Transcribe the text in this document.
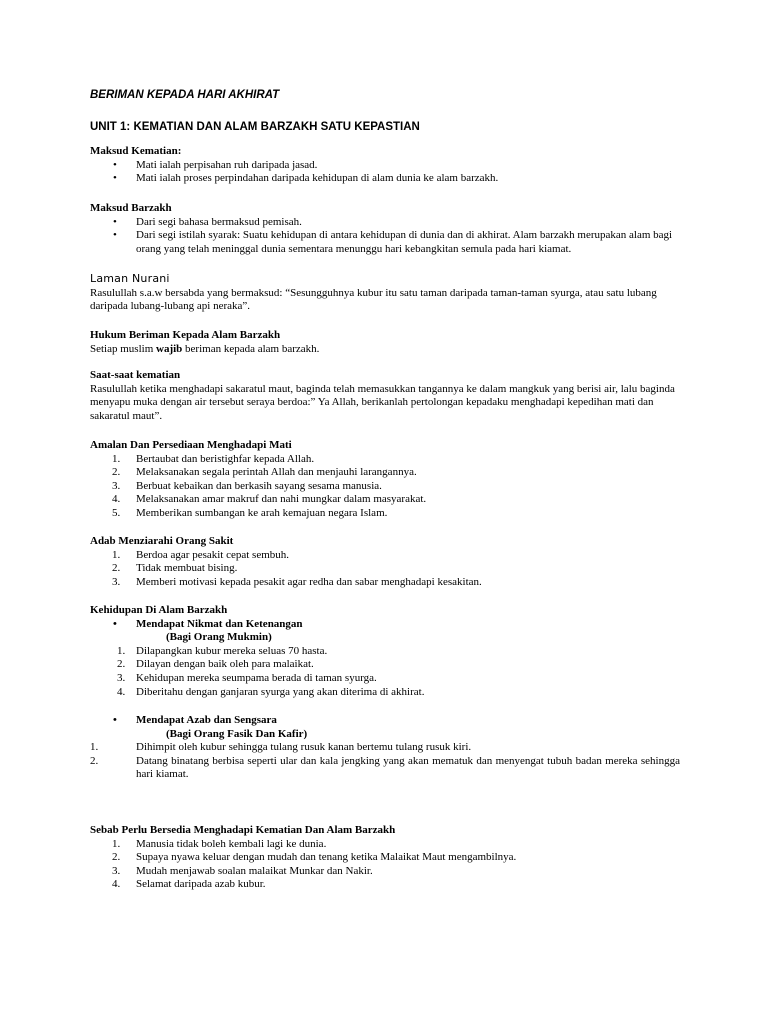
BERIMAN KEPADA HARI AKHIRAT
UNIT 1: KEMATIAN DAN ALAM BARZAKH SATU KEPASTIAN
Maksud Kematian:
• Mati ialah perpisahan ruh daripada jasad.
• Mati ialah proses perpindahan daripada kehidupan di alam dunia ke alam barzakh.
Maksud Barzakh
• Dari segi bahasa bermaksud pemisah.
• Dari segi istilah syarak: Suatu kehidupan di antara kehidupan di dunia dan di akhirat. Alam barzakh merupakan alam bagi orang yang telah meninggal dunia sementara menunggu hari kebangkitan semula pada hari kiamat.
Laman Nurani

Rasulullah s.a.w bersabda yang bermaksud: “Sesungguhnya kubur itu satu taman daripada taman-taman syurga, atau satu lubang daripada lubang-lubang api neraka”.

Hukum Beriman Kepada Alam Barzakh

Setiap muslim wajib beriman kepada alam barzakh.

Saat-saat kematian

Rasulullah ketika menghadapi sakaratul maut, baginda telah memasukkan tangannya ke dalam mangkuk yang berisi air, lalu baginda menyapu muka dengan air tersebut seraya berdoa:” Ya Allah, berikanlah pertolongan kepadaku menghadapi kepedihan mati dan sakaratul maut”.

Amalan Dan Persediaan Menghadapi Mati
1.	Bertaubat dan beristighfar kepada Allah.
2.	Melaksanakan segala perintah Allah dan menjauhi larangannya.
3.	Berbuat kebaikan dan berkasih sayang sesama manusia.
4.	Melaksanakan amar makruf dan nahi mungkar dalam masyarakat.
5.	Memberikan sumbangan ke arah kemajuan negara Islam.
Adab Menziarahi Orang Sakit
1.	Berdoa agar pesakit cepat sembuh.
2.	Tidak membuat bising.
3.	Memberi motivasi kepada pesakit agar redha dan sabar menghadapi kesakitan.
Kehidupan Di Alam Barzakh
• Mendapat Nikmat dan Ketenangan
(Bagi Orang Mukmin)
1. Dilapangkan kubur mereka seluas 70 hasta.
2. Dilayan dengan baik oleh para malaikat.
3. Kehidupan mereka seumpama berada di taman syurga.
4. Diberitahu dengan ganjaran syurga yang akan diterima di akhirat.
• Mendapat Azab dan Sengsara
(Bagi Orang Fasik Dan Kafir)
1.	Dihimpit oleh kubur sehingga tulang rusuk kanan bertemu tulang rusuk kiri.
2.	Datang binatang berbisa seperti ular dan kala jengking yang akan mematuk dan menyengat tubuh badan mereka sehingga hari kiamat.
Sebab Perlu Bersedia Menghadapi Kematian Dan Alam Barzakh
1.	Manusia tidak boleh kembali lagi ke dunia.
2.	Supaya nyawa keluar dengan mudah dan tenang ketika Malaikat Maut mengambilnya.
3.	Mudah menjawab soalan malaikat Munkar dan Nakir.
4.	Selamat daripada azab kubur.
